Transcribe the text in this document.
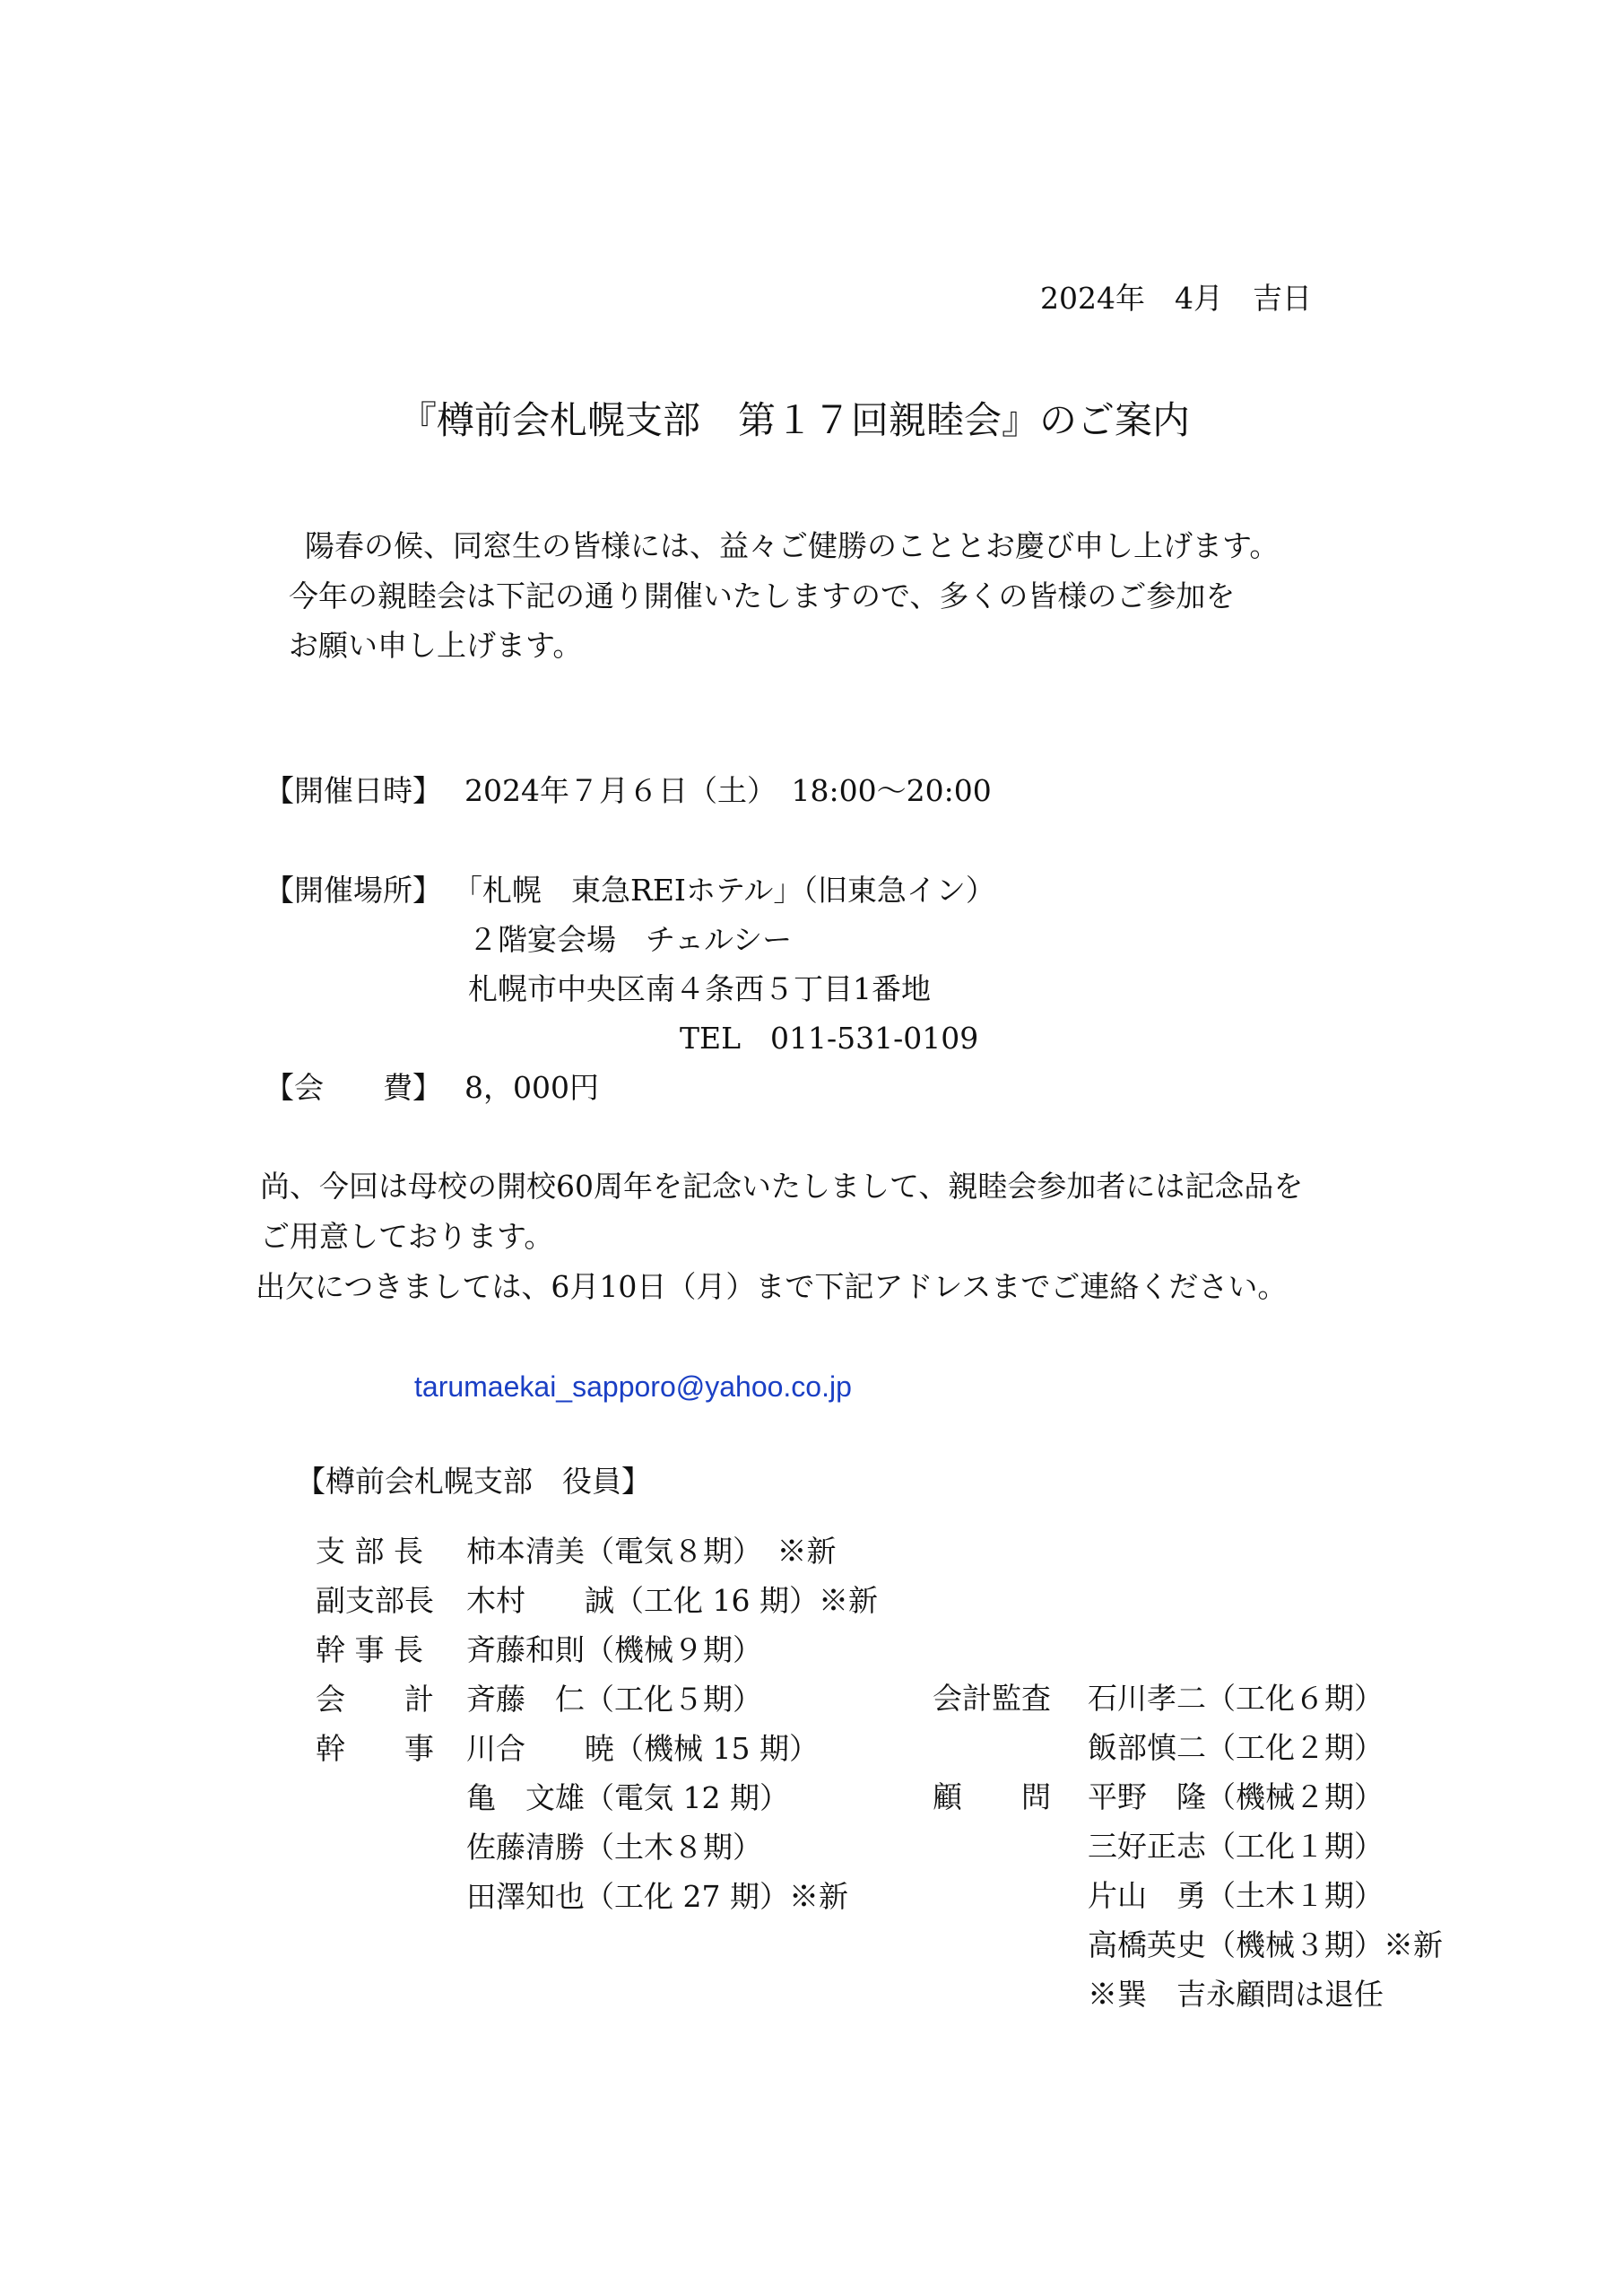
2024年　4月　吉日
『樽前会札幌支部　第１７回親睦会』のご案内
陽春の候、同窓生の皆様には、益々ご健勝のこととお慶び申し上げます。
今年の親睦会は下記の通り開催いたしますので、多くの皆様のご参加を
お願い申し上げます。
【開催日時】 2024年７月６日（土）　18:00～20:00
【開催場所】 「札幌　東急REIホテル」（旧東急イン）
２階宴会場　チェルシー
札幌市中央区南４条西５丁目1番地
TEL　011-531-0109
【会　　費】 8，000円
尚、今回は母校の開校60周年を記念いたしまして、親睦会参加者には記念品を
ご用意しております。
出欠につきましては、6月10日（月）まで下記アドレスまでご連絡ください。
tarumaekai_sapporo@yahoo.co.jp
【樽前会札幌支部　役員】
支 部 長 柿本清美（電気８期）　※新
副支部長 木村　　誠（工化 16 期）※新
幹 事 長 斉藤和則（機械９期）
会　　計 斉藤　仁（工化５期）
幹　　事 川合　　暁（機械 15 期）
亀　文雄（電気 12 期）
佐藤清勝（土木８期）
田澤知也（工化 27 期）※新
会計監査 石川孝二（工化６期）
飯部慎二（工化２期）
顧　　問 平野　隆（機械２期）
三好正志（工化１期）
片山　勇（土木１期）
高橋英史（機械３期）※新
※巽　吉永顧問は退任
